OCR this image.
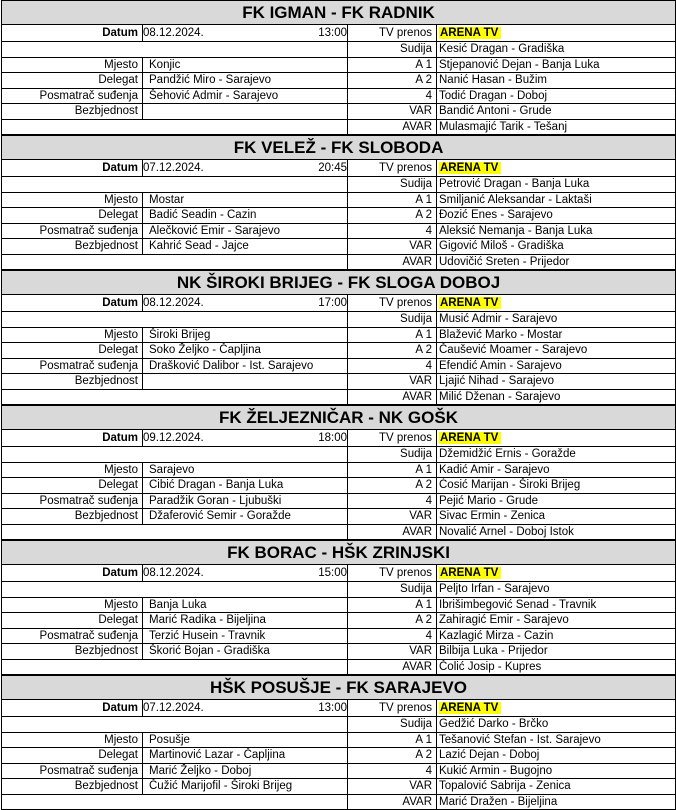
FK IGMAN - FK RADNIK			
Datum	08.12.2024. 13:00	TV prenos	ARENA TV
		Sudija	Kesić Dragan - Gradiška
Mjesto	Konjic	A 1	Stjepanović Dejan - Banja Luka
Delegat	Pandžić Miro - Sarajevo	A 2	Nanić Hasan - Bužim
Posmatrač suđenja	Šehović Admir - Sarajevo	4	Todić Dragan - Doboj
Bezbjednost		VAR	Bandić Antoni - Grude
		AVAR	Mulasmajić Tarik - Tešanj
FK VELEŽ - FK SLOBODA			
Datum	07.12.2024. 20:45	TV prenos	ARENA TV
		Sudija	Petrović Dragan - Banja Luka
Mjesto	Mostar	A 1	Smiljanić Aleksandar - Laktaši
Delegat	Badić Seadin - Cazin	A 2	Đozić Enes - Sarajevo
Posmatrač suđenja	Alečković Emir - Sarajevo	4	Aleksić Nemanja - Banja Luka
Bezbjednost	Kahrić Sead - Jajce	VAR	Gigović Miloš - Gradiška
		AVAR	Udovičić Sreten - Prijedor
NK ŠIROKI BRIJEG - FK SLOGA DOBOJ			
Datum	08.12.2024. 17:00	TV prenos	ARENA TV
		Sudija	Musić Admir - Sarajevo
Mjesto	Široki Brijeg	A 1	Blažević Marko - Mostar
Delegat	Soko Željko - Čapljina	A 2	Čaušević Moamer - Sarajevo
Posmatrač suđenja	Drašković Dalibor - Ist. Sarajevo	4	Efendić Amin - Sarajevo
Bezbjednost		VAR	Ljajić Nihad - Sarajevo
		AVAR	Milić Dženan - Sarajevo
FK ŽELJEZNIČAR - NK GOŠK			
Datum	09.12.2024. 18:00	TV prenos	ARENA TV
		Sudija	Džemidžić Ernis - Goražde
Mjesto	Sarajevo	A 1	Kadić Amir - Sarajevo
Delegat	Cibić Dragan - Banja Luka	A 2	Ćosić Marijan - Široki Brijeg
Posmatrač suđenja	Paradžik Goran - Ljubuški	4	Pejić Mario - Grude
Bezbjednost	Džaferović Semir - Goražde	VAR	Sivac Ermin - Zenica
		AVAR	Novalić Arnel - Doboj Istok
FK BORAC - HŠK ZRINJSKI			
Datum	08.12.2024. 15:00	TV prenos	ARENA TV
		Sudija	Peljto Irfan - Sarajevo
Mjesto	Banja Luka	A 1	Ibrišimbegović Senad - Travnik
Delegat	Marić Radika - Bijeljina	A 2	Zahiragić Emir - Sarajevo
Posmatrač suđenja	Terzić Husein - Travnik	4	Kazlagić Mirza - Cazin
Bezbjednost	Škorić Bojan - Gradiška	VAR	Bilbija Luka - Prijedor
		AVAR	Čolić Josip - Kupres
HŠK POSUŠJE - FK SARAJEVO			
Datum	07.12.2024. 13:00	TV prenos	ARENA TV
		Sudija	Gedžić Darko - Brčko
Mjesto	Posušje	A 1	Tešanović Stefan - Ist. Sarajevo
Delegat	Martinović Lazar - Čapljina	A 2	Lazić Dejan - Doboj
Posmatrač suđenja	Marić Željko - Doboj	4	Kukić Armin - Bugojno
Bezbjednost	Čužić Marijofil - Široki Brijeg	VAR	Topalović Sabrija - Zenica
		AVAR	Marić Dražen - Bijeljina
